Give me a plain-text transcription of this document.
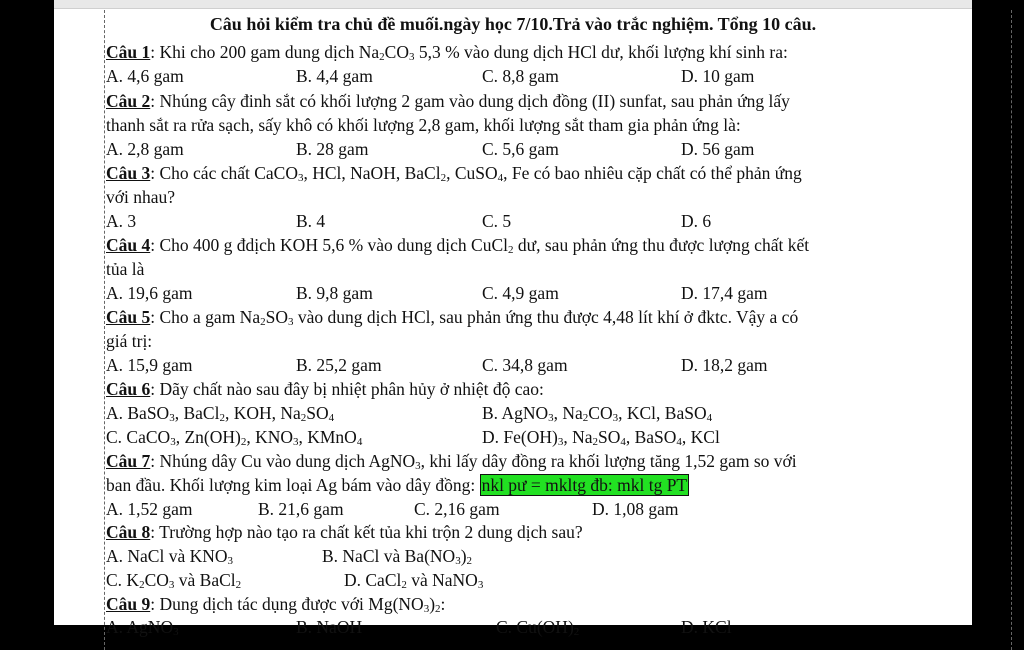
Câu hỏi kiểm tra chủ đề muối.ngày học 7/10.Trả vào trắc nghiệm. Tổng 10 câu.
Câu 1: Khi cho 200 gam dung dịch $Na_2CO_3$ 5,3 % vào dung dịch HCl dư, khối lượng khí sinh ra:
A. 4,6 gam	B. 4,4 gam	C. 8,8 gam	D. 10 gam
Câu 2: Nhúng cây đinh sắt có khối lượng 2 gam vào dung dịch đồng (II) sunfat, sau phản ứng lấy
thanh sắt ra rửa sạch, sấy khô có khối lượng 2,8 gam, khối lượng sắt tham gia phản ứng là:
A. 2,8 gam	B. 28 gam	C. 5,6 gam	D. 56 gam
Câu 3: Cho các chất CaCO$_3$, HCl, NaOH, BaCl$_2$, CuSO$_4$, Fe có bao nhiêu cặp chất có thể phản ứng
với nhau?
A. 3	B. 4	C. 5	D. 6
Câu 4: Cho 400 g đdịch KOH 5,6 % vào dung dịch CuCl$_2$ dư, sau phản ứng thu được lượng chất kết
tủa là
A. 19,6 gam	B. 9,8 gam	C. 4,9 gam	D. 17,4 gam
Câu 5: Cho a gam $Na_2SO_3$ vào dung dịch HCl, sau phản ứng thu được 4,48 lít khí ở đktc. Vậy a có
giá trị:
A. 15,9 gam	B. 25,2 gam	C. 34,8 gam	D. 18,2 gam
Câu 6: Dãy chất nào sau đây bị nhiệt phân hủy ở nhiệt độ cao:
A. BaSO$_3$, BaCl$_2$, KOH, $Na_2SO_4$	B. AgNO$_3$, $Na_2CO_3$, KCl, BaSO$_4$
C. CaCO$_3$, $Zn(OH)_2$, $KNO_3$, KMnO$_4$	D. $Fe(OH)_3$, $Na_2SO_4$, BaSO$_4$, KCl
Câu 7: Nhúng dây Cu vào dung dịch AgNO$_3$, khi lấy dây đồng ra khối lượng tăng 1,52 gam so với
ban đầu. Khối lượng kim loại Ag bám vào dây đồng: nkl pư = mkltg đb: mkl tg PT
A. 1,52 gam	B. 21,6 gam	C. 2,16 gam	D. 1,08 gam
Câu 8: Trường hợp nào tạo ra chất kết tủa khi trộn 2 dung dịch sau?
A. NaCl và $KNO_3$	B. NaCl và $Ba(NO_3)_2$
C. $K_2CO_3$ và BaCl$_2$	D. CaCl$_2$ và NaNO$_3$
Câu 9: Dung dịch tác dụng được với $Mg(NO_3)_2$:
A. AgNO$_3$	B. NaOH	C. $Cu(OH)_2$	D. KCl
